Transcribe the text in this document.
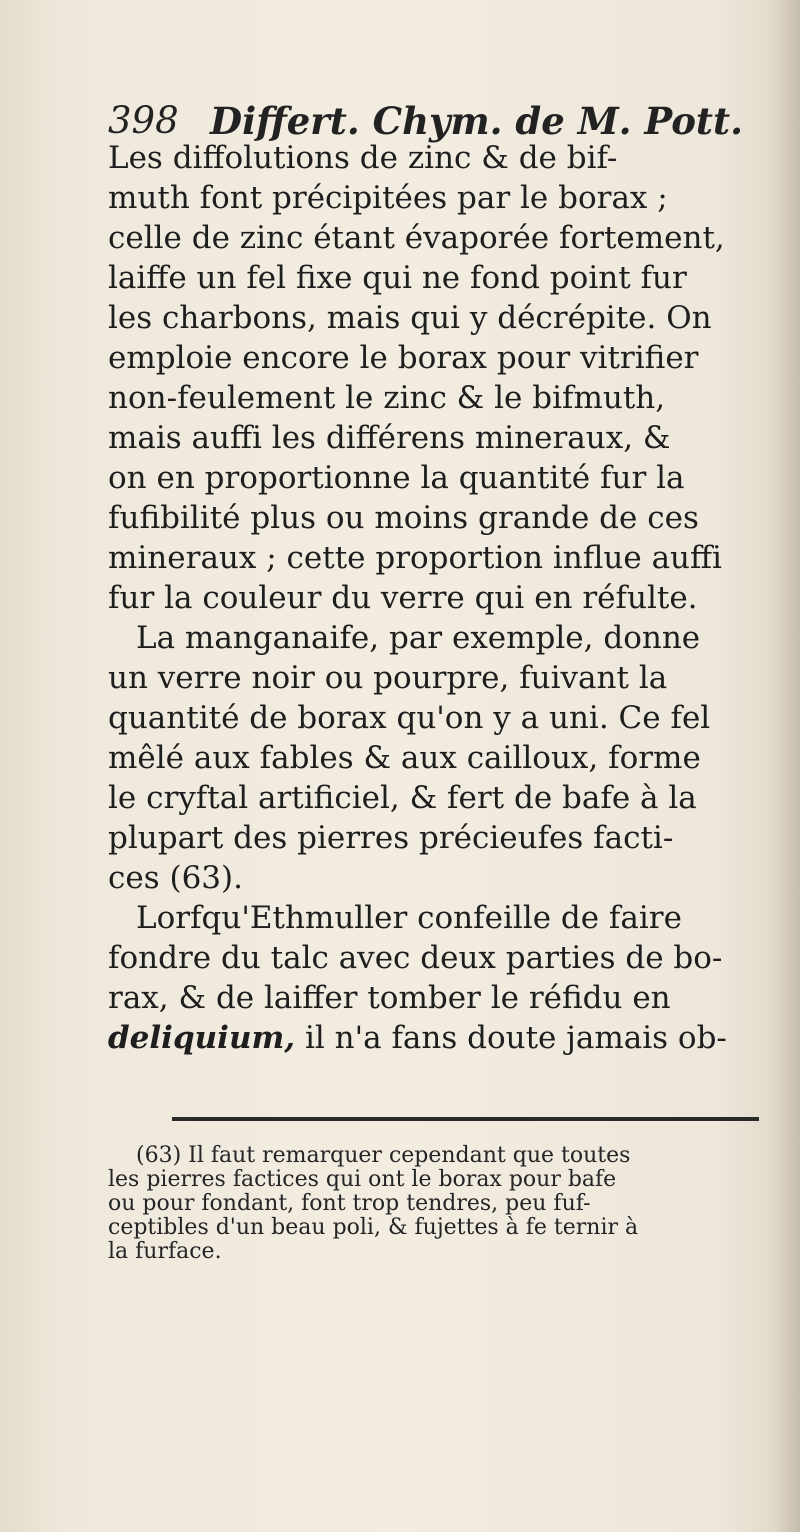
398 Differt. Chym. de M. Pott.
Les diffolutions de zinc & de bif-
muth font précipitées par le borax ;
celle de zinc étant évaporée fortement,
laiffe un fel fixe qui ne fond point fur
les charbons, mais qui y décrépite. On
emploie encore le borax pour vitrifier
non-feulement le zinc & le bifmuth,
mais auffi les différens mineraux, &
on en proportionne la quantité fur la
fufibilité plus ou moins grande de ces
mineraux ; cette proportion influe auffi
fur la couleur du verre qui en réfulte.
La manganaife, par exemple, donne
un verre noir ou pourpre, fuivant la
quantité de borax qu'on y a uni. Ce fel
mêlé aux fables & aux cailloux, forme
le cryftal artificiel, & fert de bafe à la
plupart des pierres précieufes facti-
ces (63).
Lorfqu'Ethmuller confeille de faire
fondre du talc avec deux parties de bo-
rax, & de laiffer tomber le réfidu en
deliquium, il n'a fans doute jamais ob-
(63) Il faut remarquer cependant que toutes
les pierres factices qui ont le borax pour bafe
ou pour fondant, font trop tendres, peu fuf-
ceptibles d'un beau poli, & fujettes à fe ternir à
la furface.
